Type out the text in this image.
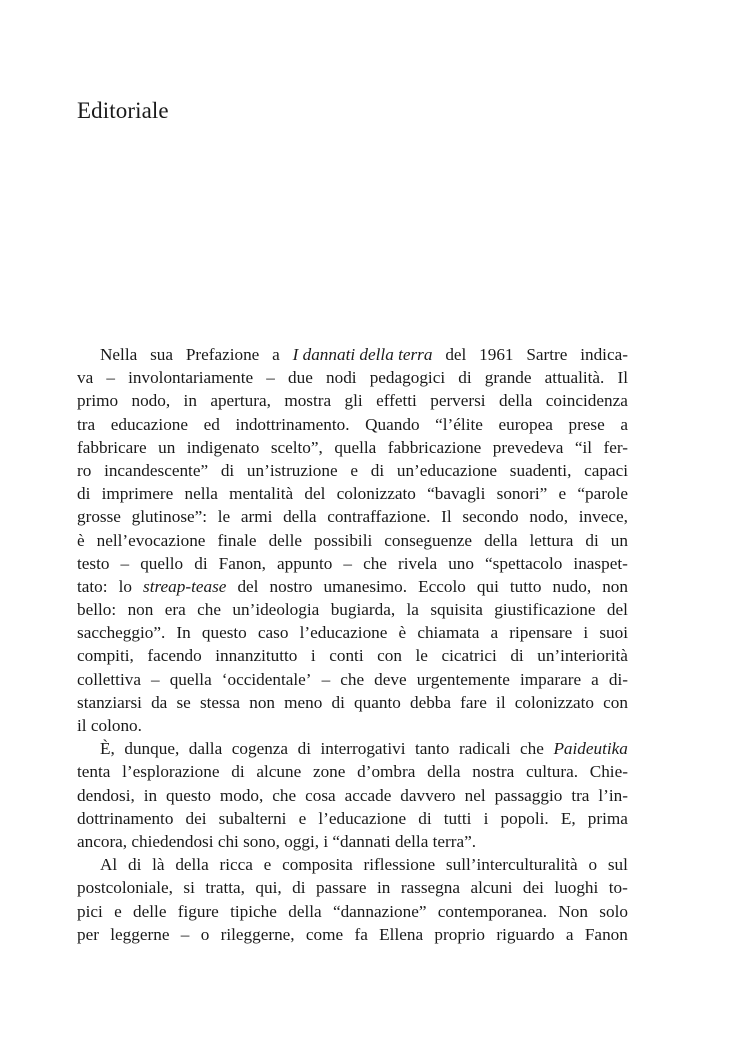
Editoriale
Nella sua Prefazione a I dannati della terra del 1961 Sartre indica-
va – involontariamente – due nodi pedagogici di grande attualità. Il
primo nodo, in apertura, mostra gli effetti perversi della coincidenza
tra educazione ed indottrinamento. Quando “l’élite europea prese a
fabbricare un indigenato scelto”, quella fabbricazione prevedeva “il fer-
ro incandescente” di un’istruzione e di un’educazione suadenti, capaci
di imprimere nella mentalità del colonizzato “bavagli sonori” e “parole
grosse glutinose”: le armi della contraffazione. Il secondo nodo, invece,
è nell’evocazione finale delle possibili conseguenze della lettura di un
testo – quello di Fanon, appunto – che rivela uno “spettacolo inaspet-
tato: lo streap-tease del nostro umanesimo. Eccolo qui tutto nudo, non
bello: non era che un’ideologia bugiarda, la squisita giustificazione del
saccheggio”. In questo caso l’educazione è chiamata a ripensare i suoi
compiti, facendo innanzitutto i conti con le cicatrici di un’interiorità
collettiva – quella ‘occidentale’ – che deve urgentemente imparare a di-
stanziarsi da se stessa non meno di quanto debba fare il colonizzato con
il colono.
È, dunque, dalla cogenza di interrogativi tanto radicali che Paideutika
tenta l’esplorazione di alcune zone d’ombra della nostra cultura. Chie-
dendosi, in questo modo, che cosa accade davvero nel passaggio tra l’in-
dottrinamento dei subalterni e l’educazione di tutti i popoli. E, prima
ancora, chiedendosi chi sono, oggi, i “dannati della terra”.
Al di là della ricca e composita riflessione sull’interculturalità o sul
postcoloniale, si tratta, qui, di passare in rassegna alcuni dei luoghi to-
pici e delle figure tipiche della “dannazione” contemporanea. Non solo
per leggerne – o rileggerne, come fa Ellena proprio riguardo a Fanon
